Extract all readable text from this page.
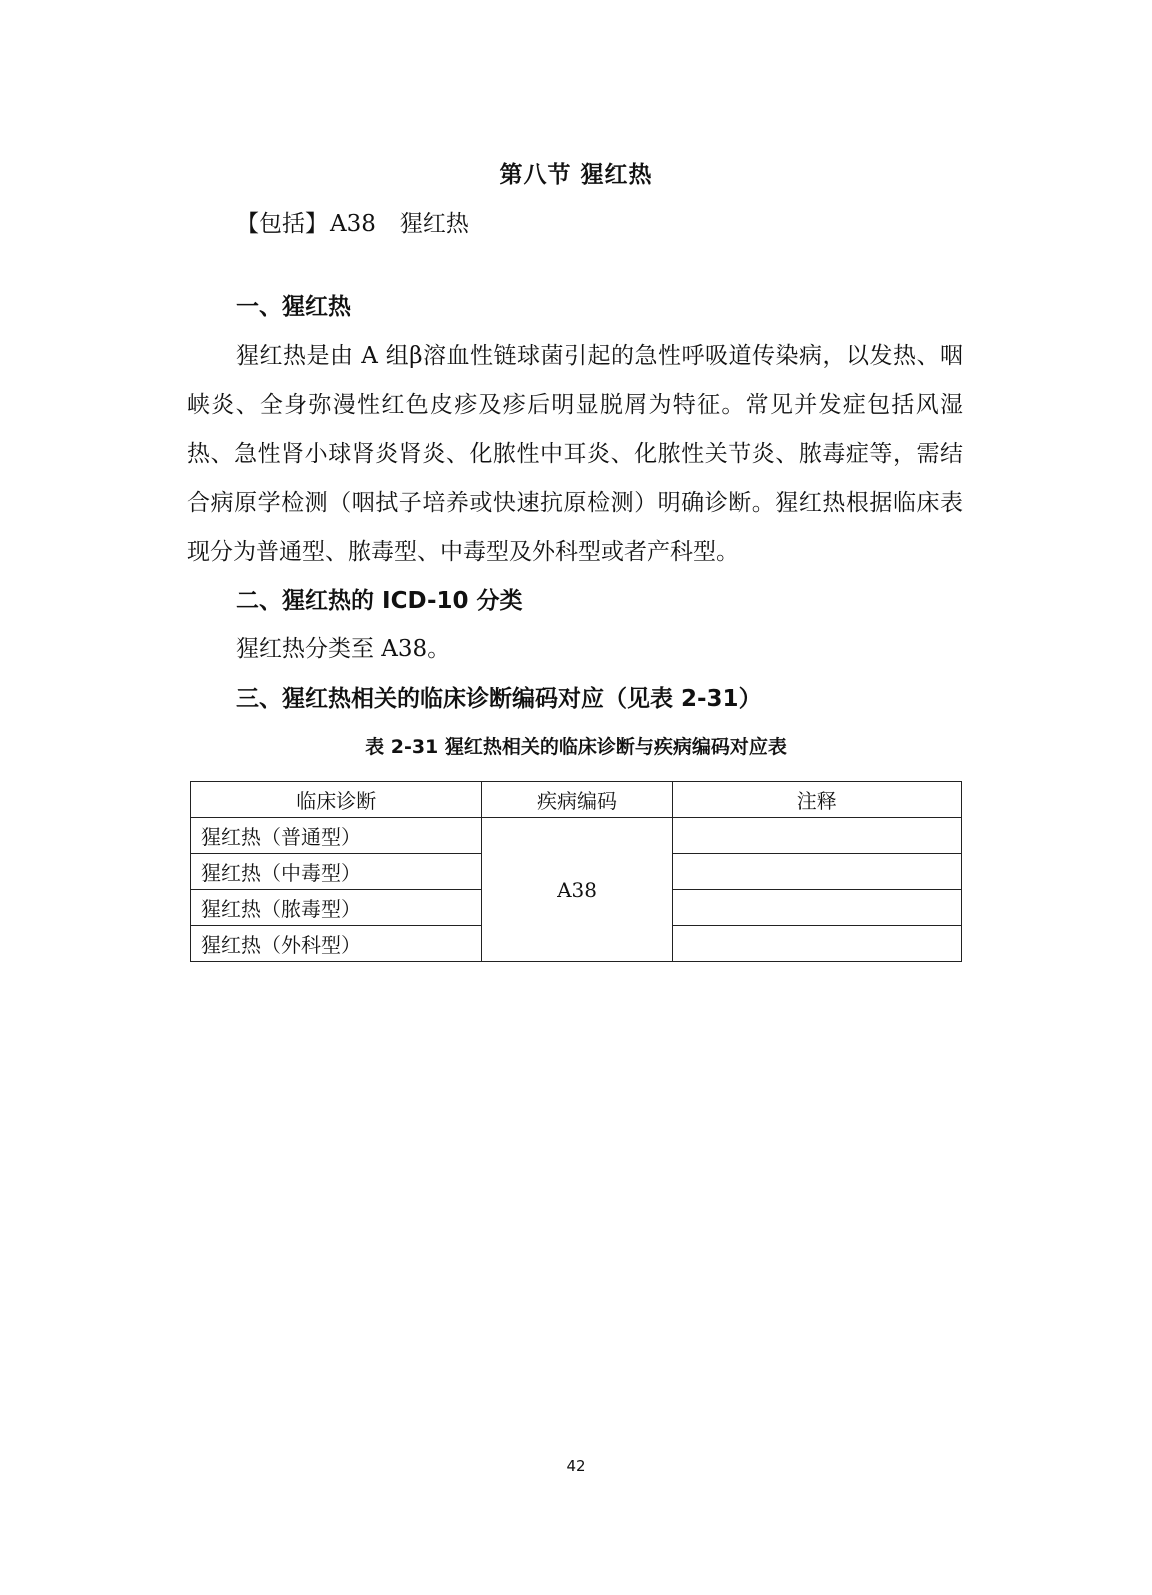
第八节 猩红热
【包括】A38 猩红热
一、猩红热

猩红热是由 A 组β溶血性链球菌引起的急性呼吸道传染病，以发热、咽峡炎、全身弥漫性红色皮疹及疹后明显脱屑为特征。常见并发症包括风湿热、急性肾小球肾炎肾炎、化脓性中耳炎、化脓性关节炎、脓毒症等，需结合病原学检测（咽拭子培养或快速抗原检测）明确诊断。猩红热根据临床表现分为普通型、脓毒型、中毒型及外科型或者产科型。

二、猩红热的 ICD-10 分类
猩红热分类至 A38。
三、猩红热相关的临床诊断编码对应（见表 2-31）
表 2-31 猩红热相关的临床诊断与疾病编码对应表
临床诊断	疾病编码	注释
猩红热（普通型）	A38	
猩红热（中毒型）		
猩红热（脓毒型）		
猩红热（外科型）		
42
